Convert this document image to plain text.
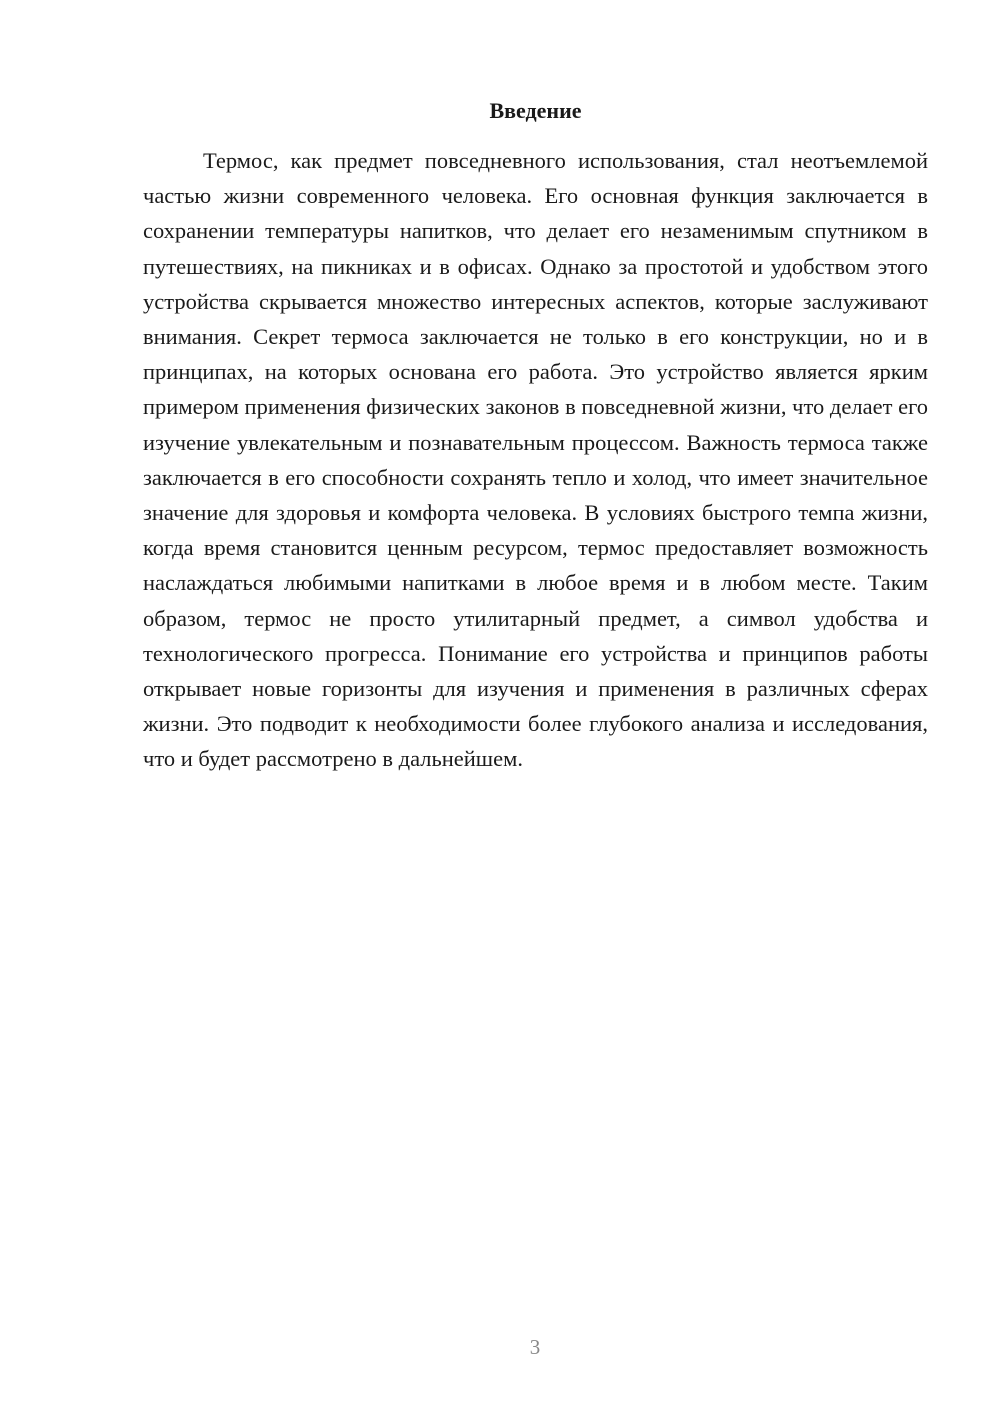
Введение

Термос, как предмет повседневного использования, стал неотъемлемой частью жизни современного человека. Его основная функция заключается в сохранении температуры напитков, что делает его незаменимым спутником в путешествиях, на пикниках и в офисах. Однако за простотой и удобством этого устройства скрывается множество интересных аспектов, которые заслуживают внимания. Секрет термоса заключается не только в его конструкции, но и в принципах, на которых основана его работа. Это устройство является ярким примером применения физических законов в повседневной жизни, что делает его изучение увлекательным и познавательным процессом. Важность термоса также заключается в его способности сохранять тепло и холод, что имеет значительное значение для здоровья и комфорта человека. В условиях быстрого темпа жизни, когда время становится ценным ресурсом, термос предоставляет возможность наслаждаться любимыми напитками в любое время и в любом месте. Таким образом, термос не просто утилитарный предмет, а символ удобства и технологического прогресса. Понимание его устройства и принципов работы открывает новые горизонты для изучения и применения в различных сферах жизни. Это подводит к необходимости более глубокого анализа и исследования, что и будет рассмотрено в дальнейшем.

3
